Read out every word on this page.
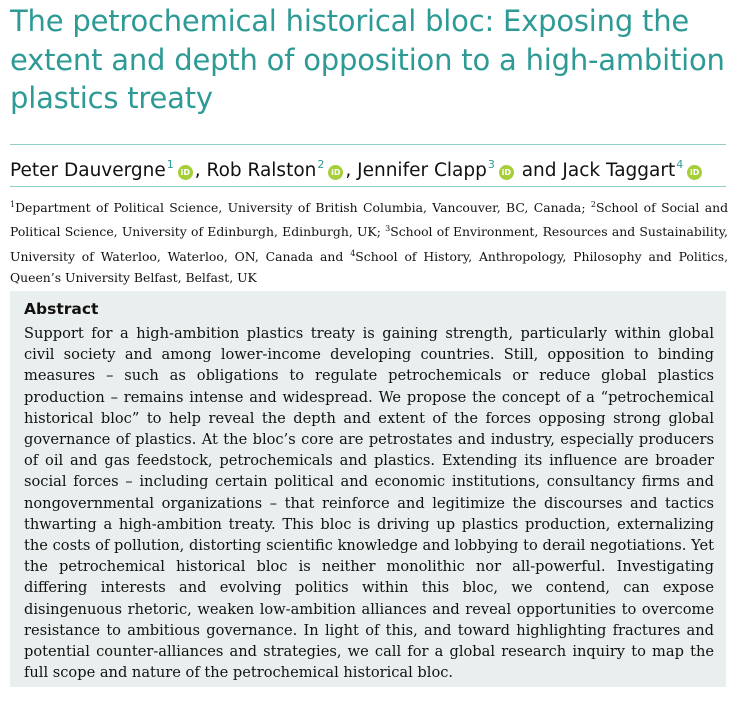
The petrochemical historical bloc: Exposing the extent and depth of opposition to a high-ambition plastics treaty
Peter Dauvergne$^1$iD , Rob Ralston$^2$iD , Jennifer Clapp$^3$iD and Jack Taggart$^4$iD
$^1$Department of Political Science, University of British Columbia, Vancouver, BC, Canada; $^2$School of Social and Political Science, University of Edinburgh, Edinburgh, UK; $^3$School of Environment, Resources and Sustainability, University of Waterloo, Waterloo, ON, Canada and $^4$School of History, Anthropology, Philosophy and Politics, Queen’s University Belfast, Belfast, UK
Abstract

Support for a high-ambition plastics treaty is gaining strength, particularly within global civil society and among lower-income developing countries. Still, opposition to binding measures – such as obligations to regulate petrochemicals or reduce global plastics production – remains intense and widespread. We propose the concept of a “petrochemical historical bloc” to help reveal the depth and extent of the forces opposing strong global governance of plastics. At the bloc’s core are petrostates and industry, especially producers of oil and gas feedstock, petrochemicals and plastics. Extending its influence are broader social forces – including certain political and economic institutions, consultancy firms and nongovernmental organizations – that reinforce and legitimize the discourses and tactics thwarting a high-ambition treaty. This bloc is driving up plastics production, externalizing the costs of pollution, distorting scientific knowledge and lobbying to derail negotiations. Yet the petrochemical historical bloc is neither monolithic nor all-powerful. Investigating differing interests and evolving politics within this bloc, we contend, can expose disingenuous rhetoric, weaken low-ambition alliances and reveal opportunities to overcome resistance to ambitious governance. In light of this, and toward highlighting fractures and potential counter-alliances and strategies, we call for a global research inquiry to map the full scope and nature of the petrochemical historical bloc.
